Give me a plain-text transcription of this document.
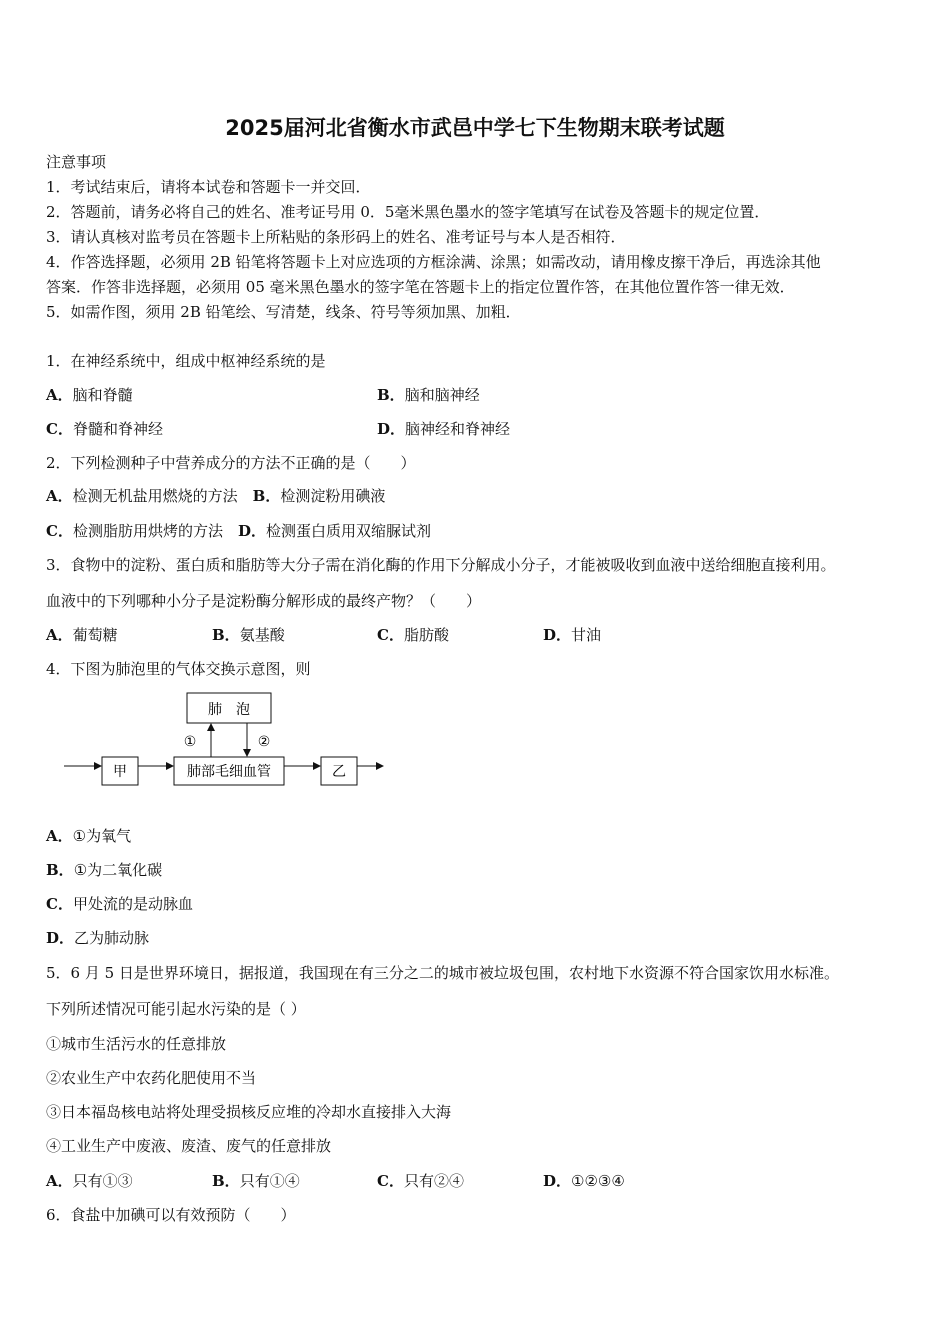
2025届河北省衡水市武邑中学七下生物期末联考试题
注意事项
1．考试结束后，请将本试卷和答题卡一并交回．
2．答题前，请务必将自己的姓名、准考证号用 0．5毫米黑色墨水的签字笔填写在试卷及答题卡的规定位置．
3．请认真核对监考员在答题卡上所粘贴的条形码上的姓名、准考证号与本人是否相符．
4．作答选择题，必须用 2B 铅笔将答题卡上对应选项的方框涂满、涂黑；如需改动，请用橡皮擦干净后，再选涂其他
答案．作答非选择题，必须用 05 毫米黑色墨水的签字笔在答题卡上的指定位置作答，在其他位置作答一律无效．
5．如需作图，须用 2B 铅笔绘、写清楚，线条、符号等须加黑、加粗．
1．在神经系统中，组成中枢神经系统的是
A．脑和脊髓	B．脑和脑神经
C．脊髓和脊神经	D．脑神经和脊神经
2．下列检测种子中营养成分的方法不正确的是（　　）
A．检测无机盐用燃烧的方法　 B．检测淀粉用碘液
C．检测脂肪用烘烤的方法　 D．检测蛋白质用双缩脲试剂
3．食物中的淀粉、蛋白质和脂肪等大分子需在消化酶的作用下分解成小分子，才能被吸收到血液中送给细胞直接利用。
血液中的下列哪种小分子是淀粉酶分解形成的最终产物？（　　）
A．葡萄糖	B．氨基酸	C．脂肪酸	D．甘油
4．下图为肺泡里的气体交换示意图，则
肺　泡
肺部毛细血管
甲	乙
①	②
A．①为氧气
B．①为二氧化碳
C．甲处流的是动脉血
D．乙为肺动脉
5．6 月 5 日是世界环境日，据报道，我国现在有三分之二的城市被垃圾包围，农村地下水资源不符合国家饮用水标准。
下列所述情况可能引起水污染的是（ ）
①城市生活污水的任意排放
②农业生产中农药化肥使用不当
③日本福岛核电站将处理受损核反应堆的冷却水直接排入大海
④工业生产中废液、废渣、废气的任意排放
A．只有①③	B．只有①④	C．只有②④	D．①②③④
6．食盐中加碘可以有效预防（　　）
